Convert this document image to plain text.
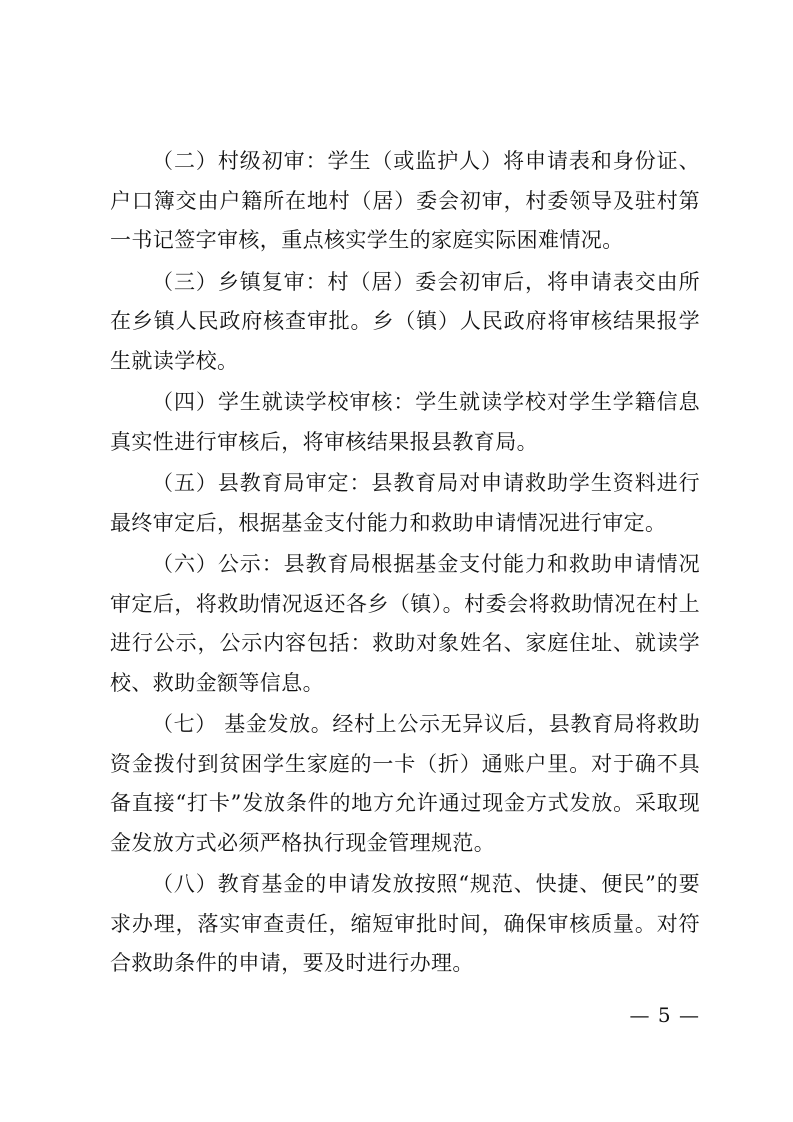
（二）村级初审：学生（或监护人）将申请表和身份证、户口簿交由户籍所在地村（居）委会初审，村委领导及驻村第一书记签字审核，重点核实学生的家庭实际困难情况。

（三）乡镇复审：村（居）委会初审后，将申请表交由所在乡镇人民政府核查审批。乡（镇）人民政府将审核结果报学生就读学校。

（四）学生就读学校审核：学生就读学校对学生学籍信息真实性进行审核后，将审核结果报县教育局。

（五）县教育局审定：县教育局对申请救助学生资料进行最终审定后，根据基金支付能力和救助申请情况进行审定。

（六）公示：县教育局根据基金支付能力和救助申请情况审定后，将救助情况返还各乡（镇）。村委会将救助情况在村上进行公示，公示内容包括：救助对象姓名、家庭住址、就读学校、救助金额等信息。

（七） 基金发放。经村上公示无异议后，县教育局将救助资金拨付到贫困学生家庭的一卡（折）通账户里。对于确不具备直接“打卡”发放条件的地方允许通过现金方式发放。采取现金发放方式必须严格执行现金管理规范。

（八）教育基金的申请发放按照“规范、快捷、便民”的要求办理，落实审查责任，缩短审批时间，确保审核质量。对符合救助条件的申请，要及时进行办理。

— 5 —
